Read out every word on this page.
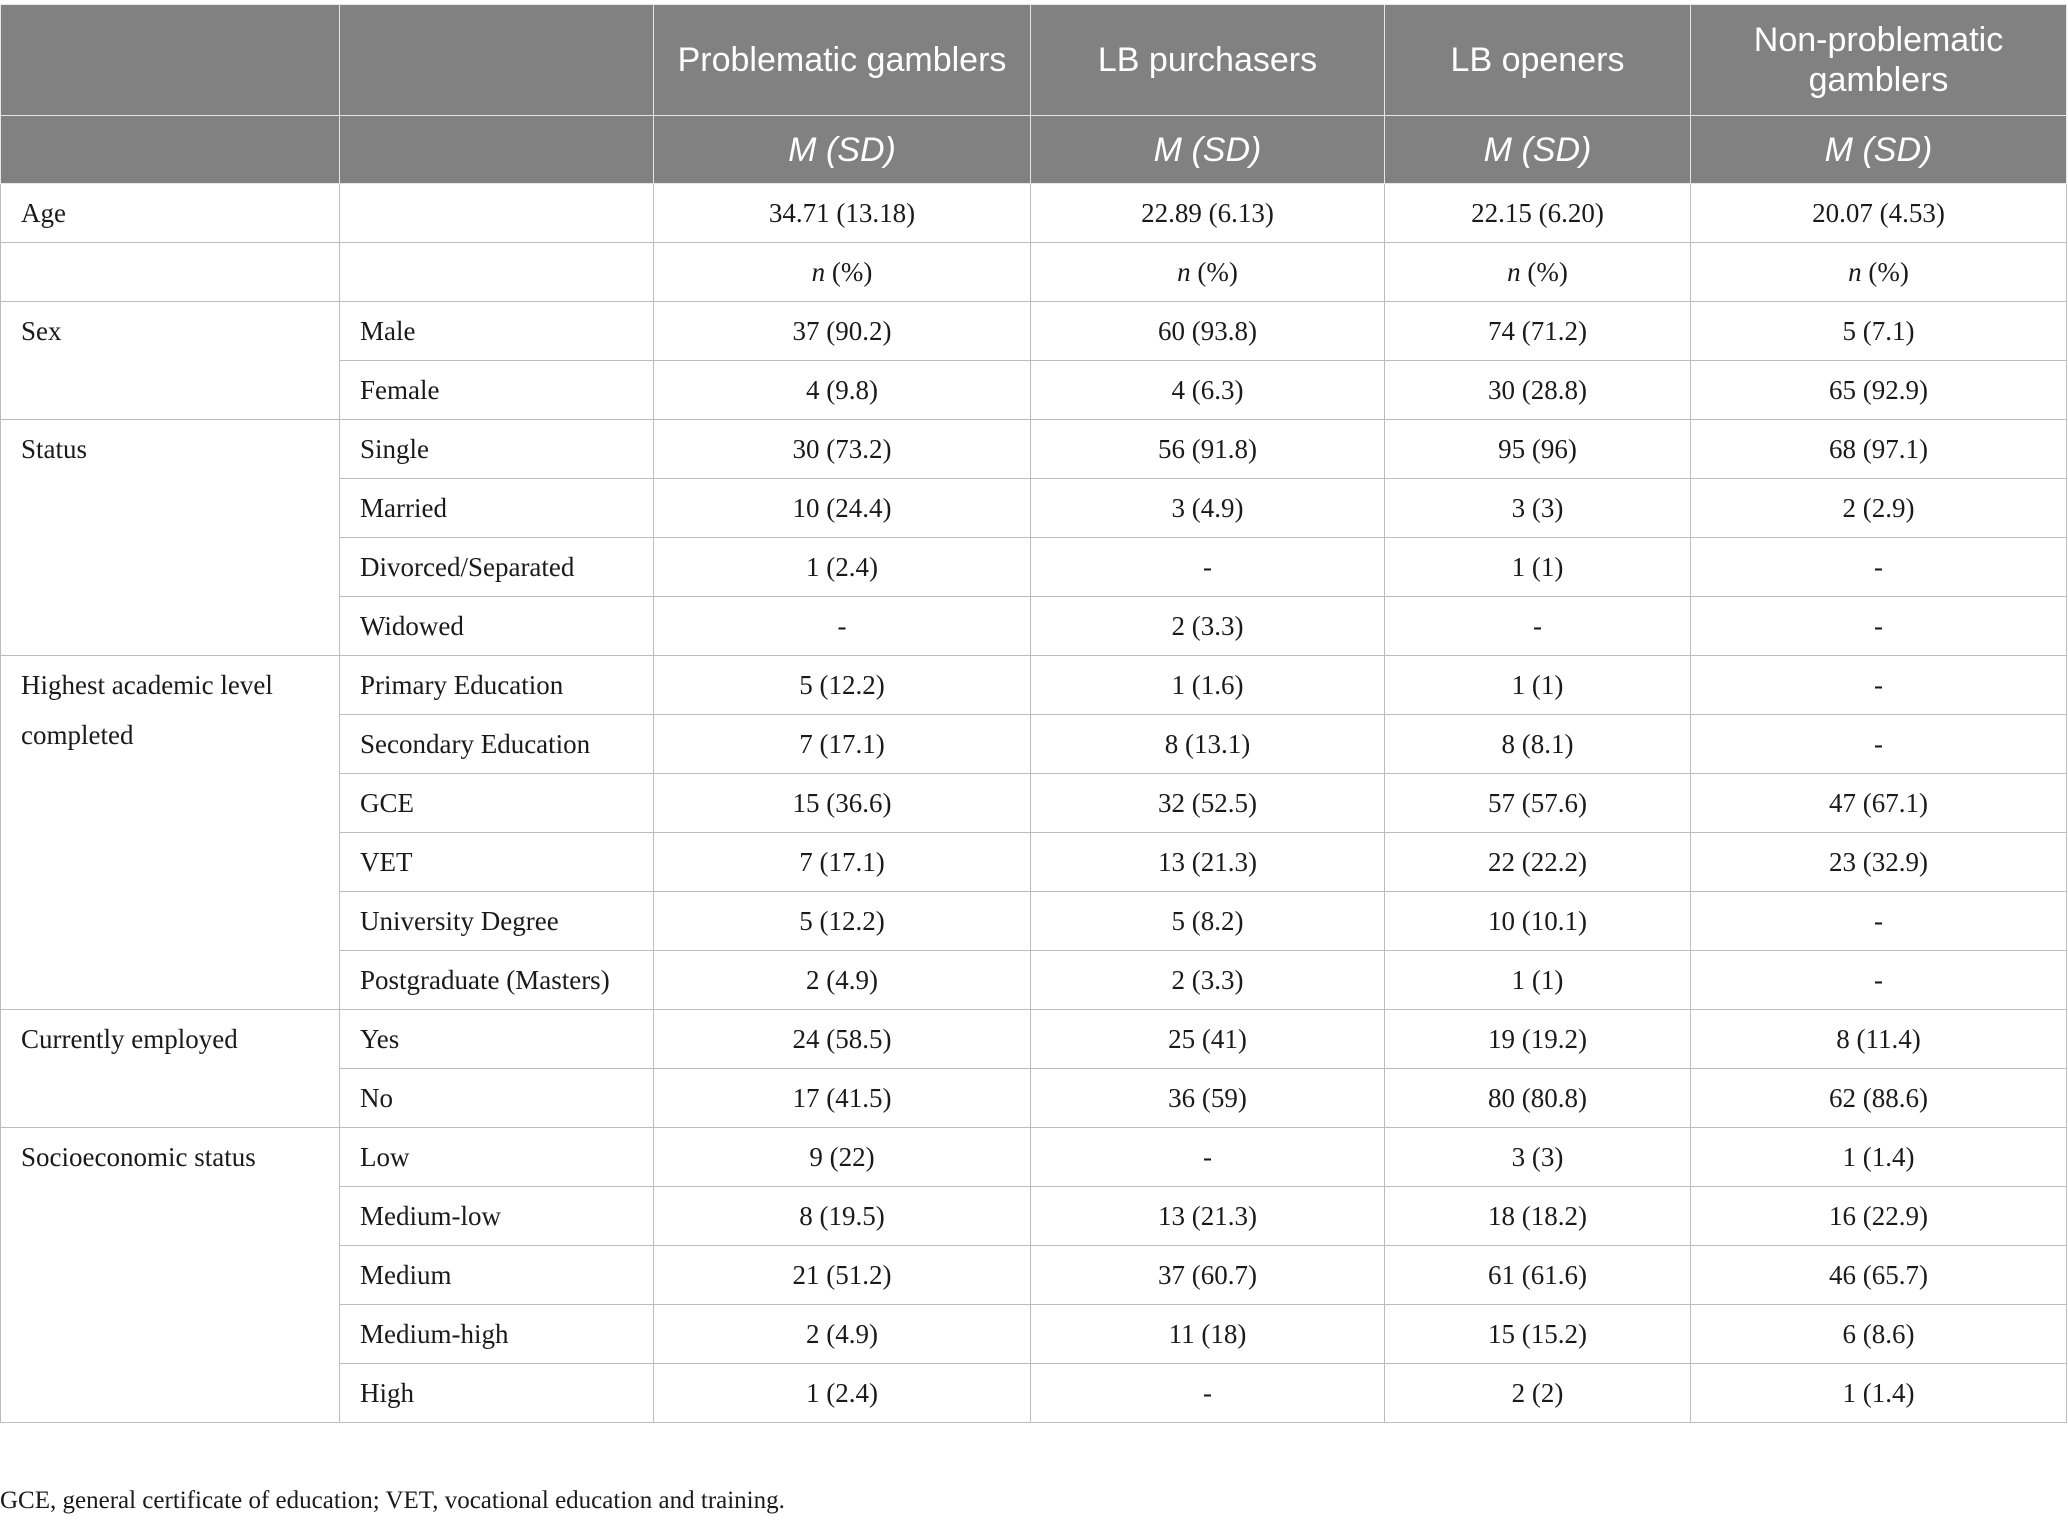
		Problematic gamblers	LB purchasers	LB openers	Non-problematic gamblers
		M (SD)	M (SD)	M (SD)	M (SD)
Age		34.71 (13.18)	22.89 (6.13)	22.15 (6.20)	20.07 (4.53)
		n (%)	n (%)	n (%)	n (%)
Sex	Male	37 (90.2)	60 (93.8)	74 (71.2)	5 (7.1)
	Female	4 (9.8)	4 (6.3)	30 (28.8)	65 (92.9)
Status	Single	30 (73.2)	56 (91.8)	95 (96)	68 (97.1)
	Married	10 (24.4)	3 (4.9)	3 (3)	2 (2.9)
	Divorced/Separated	1 (2.4)	-	1 (1)	-
	Widowed	-	2 (3.3)	-	-
Highest academic level completed	Primary Education	5 (12.2)	1 (1.6)	1 (1)	-
	Secondary Education	7 (17.1)	8 (13.1)	8 (8.1)	-
	GCE	15 (36.6)	32 (52.5)	57 (57.6)	47 (67.1)
	VET	7 (17.1)	13 (21.3)	22 (22.2)	23 (32.9)
	University Degree	5 (12.2)	5 (8.2)	10 (10.1)	-
	Postgraduate (Masters)	2 (4.9)	2 (3.3)	1 (1)	-
Currently employed	Yes	24 (58.5)	25 (41)	19 (19.2)	8 (11.4)
	No	17 (41.5)	36 (59)	80 (80.8)	62 (88.6)
Socioeconomic status	Low	9 (22)	-	3 (3)	1 (1.4)
	Medium-low	8 (19.5)	13 (21.3)	18 (18.2)	16 (22.9)
	Medium	21 (51.2)	37 (60.7)	61 (61.6)	46 (65.7)
	Medium-high	2 (4.9)	11 (18)	15 (15.2)	6 (8.6)
	High	1 (2.4)	-	2 (2)	1 (1.4)
GCE, general certificate of education; VET, vocational education and training.
